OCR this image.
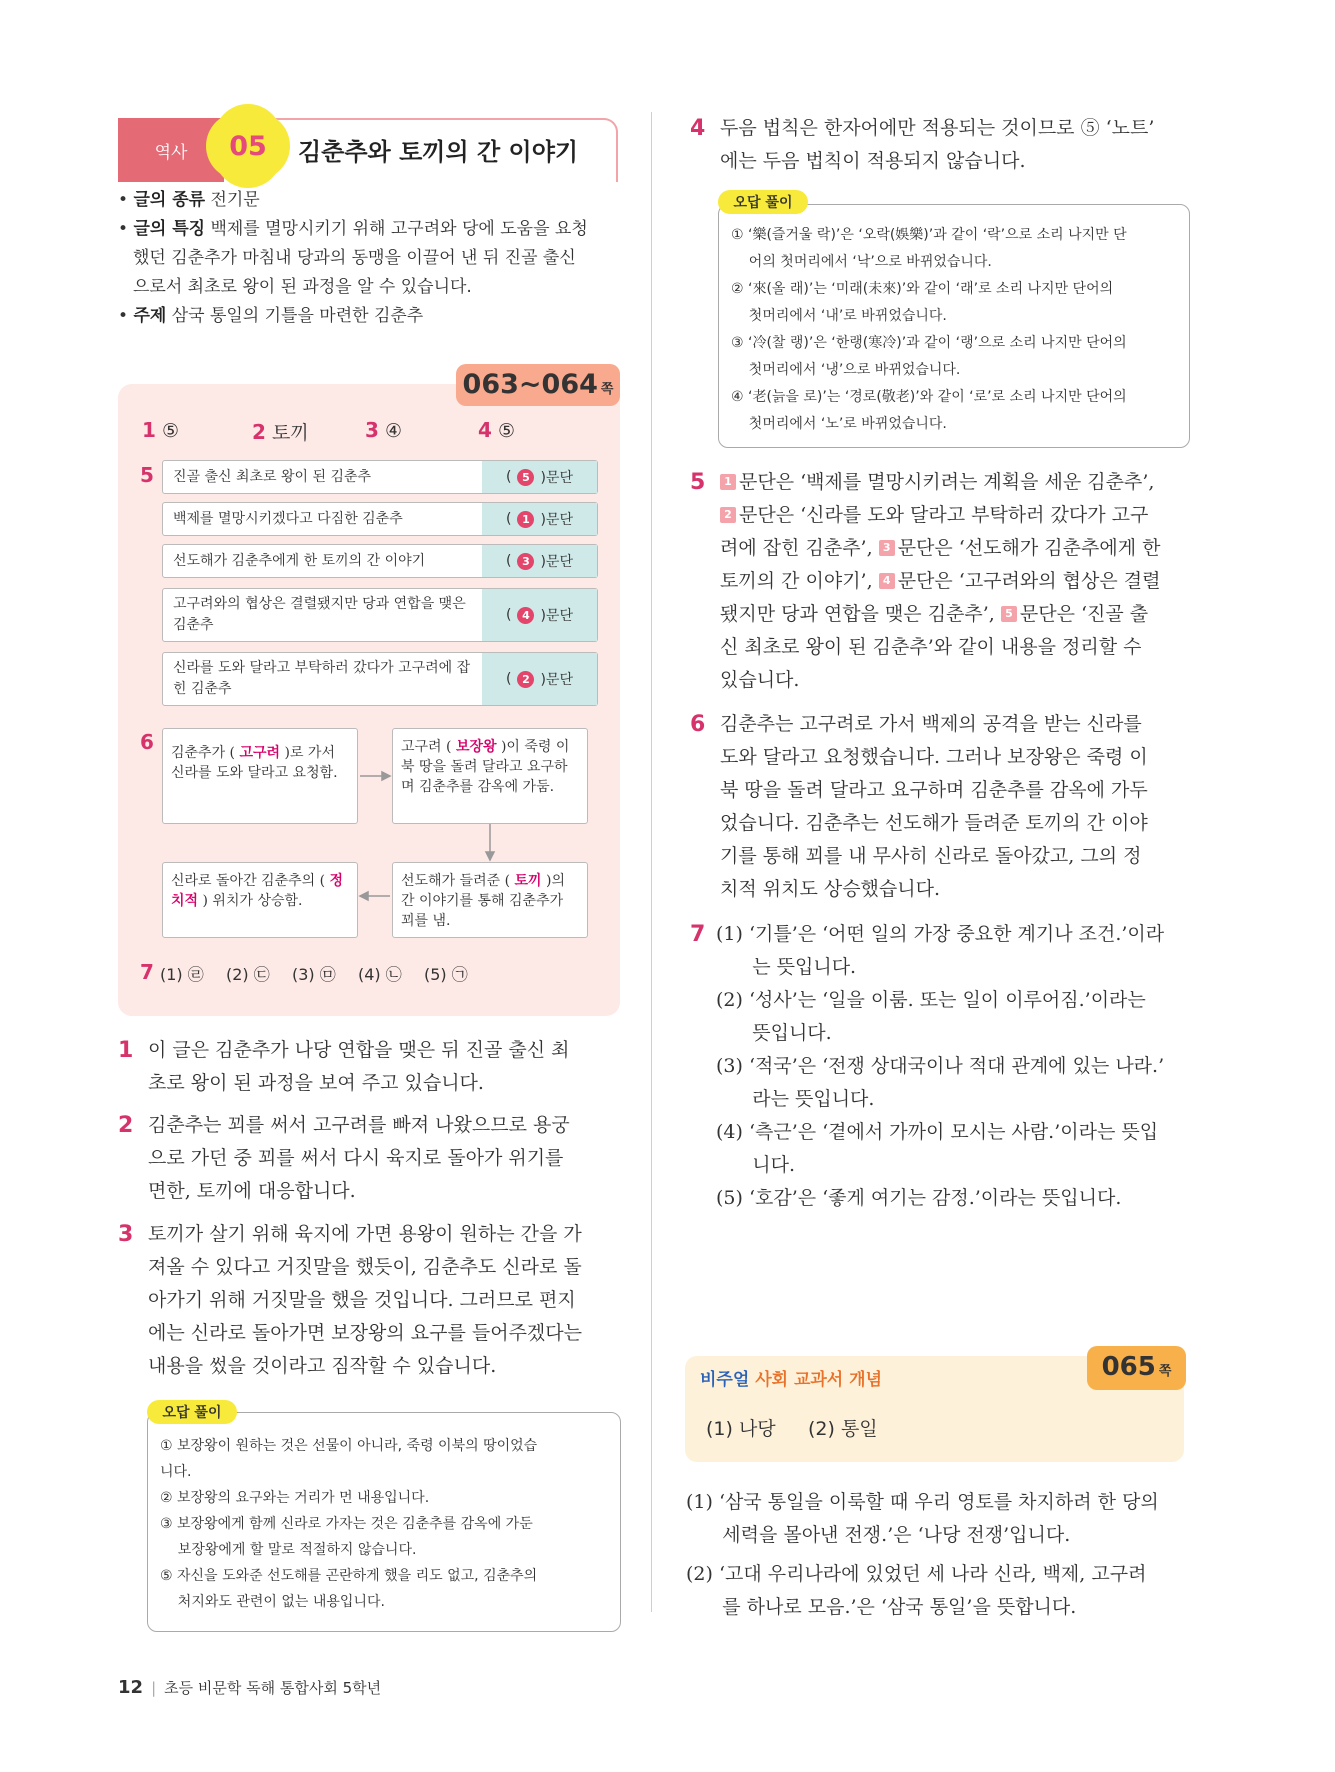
역사 05 김춘추와 토끼의 간 이야기
• 글의 종류 전기문
• 글의 특징 백제를 멸망시키기 위해 고구려와 당에 도움을 요청
했던 김춘추가 마침내 당과의 동맹을 이끌어 낸 뒤 진골 출신
으로서 최초로 왕이 된 과정을 알 수 있습니다.
• 주제 삼국 통일의 기틀을 마련한 김춘추
063~064 쪽
1 ⑤	2 토끼	3 ④	4 ⑤
5	진골 출신 최초로 왕이 된 김춘추	( 5 )문단
백제를 멸망시키겠다고 다짐한 김춘추	( 1 )문단
선도해가 김춘추에게 한 토끼의 간 이야기	( 3 )문단
고구려와의 협상은 결렬됐지만 당과 연합을 맺은 김춘추
( 4 )문단
신라를 도와 달라고 부탁하러 갔다가 고구려에 잡힌 김춘추
( 2 )문단
6	김춘추가 ( 고구려 )로 가서 신라를 도와 달라고 요청함.
고구려 ( 보장왕 )이 죽령 이북 땅을 돌려 달라고 요구하며 김춘추를 감옥에 가둠.
선도해가 들려준 ( 토끼 )의 간 이야기를 통해 김춘추가 꾀를 냄.
신라로 돌아간 김춘추의 ( 정치적 ) 위치가 상승함.
7 (1) ㉣ (2) ㉢ (3) ㉤ (4) ㉡ (5) ㉠
1 이 글은 김춘추가 나당 연합을 맺은 뒤 진골 출신 최
초로 왕이 된 과정을 보여 주고 있습니다.
2 김춘추는 꾀를 써서 고구려를 빠져 나왔으므로 용궁
으로 가던 중 꾀를 써서 다시 육지로 돌아가 위기를
면한, 토끼에 대응합니다.
3 토끼가 살기 위해 육지에 가면 용왕이 원하는 간을 가
져올 수 있다고 거짓말을 했듯이, 김춘추도 신라로 돌
아가기 위해 거짓말을 했을 것입니다. 그러므로 편지
에는 신라로 돌아가면 보장왕의 요구를 들어주겠다는
내용을 썼을 것이라고 짐작할 수 있습니다.
오답 풀이
① 보장왕이 원하는 것은 선물이 아니라, 죽령 이북의 땅이었습
니다.
② 보장왕의 요구와는 거리가 먼 내용입니다.
③ 보장왕에게 함께 신라로 가자는 것은 김춘추를 감옥에 가둔
보장왕에게 할 말로 적절하지 않습니다.
⑤ 자신을 도와준 선도해를 곤란하게 했을 리도 없고, 김춘추의
처지와도 관련이 없는 내용입니다.
4 두음 법칙은 한자어에만 적용되는 것이므로 ⑤ ‘노트’
에는 두음 법칙이 적용되지 않습니다.
오답 풀이
① ‘樂(즐거울 락)’은 ‘오락(娛樂)’과 같이 ‘락’으로 소리 나지만 단
어의 첫머리에서 ‘낙’으로 바뀌었습니다.
② ‘來(올 래)’는 ‘미래(未來)’와 같이 ‘래’로 소리 나지만 단어의
첫머리에서 ‘내’로 바뀌었습니다.
③ ‘冷(찰 랭)’은 ‘한랭(寒冷)’과 같이 ‘랭’으로 소리 나지만 단어의
첫머리에서 ‘냉’으로 바뀌었습니다.
④ ‘老(늙을 로)’는 ‘경로(敬老)’와 같이 ‘로’로 소리 나지만 단어의
첫머리에서 ‘노’로 바뀌었습니다.
5	1 문단은 ‘백제를 멸망시키려는 계획을 세운 김춘추’,
2 문단은 ‘신라를 도와 달라고 부탁하러 갔다가 고구
려에 잡힌 김춘추’, 3 문단은 ‘선도해가 김춘추에게 한
토끼의 간 이야기’, 4 문단은 ‘고구려와의 협상은 결렬
됐지만 당과 연합을 맺은 김춘추’, 5 문단은 ‘진골 출
신 최초로 왕이 된 김춘추’와 같이 내용을 정리할 수
있습니다.
6 김춘추는 고구려로 가서 백제의 공격을 받는 신라를
도와 달라고 요청했습니다. 그러나 보장왕은 죽령 이
북 땅을 돌려 달라고 요구하며 김춘추를 감옥에 가두
었습니다. 김춘추는 선도해가 들려준 토끼의 간 이야
기를 통해 꾀를 내 무사히 신라로 돌아갔고, 그의 정
치적 위치도 상승했습니다.
7 (1) ‘기틀’은 ‘어떤 일의 가장 중요한 계기나 조건.’이라
는 뜻입니다.
(2) ‘성사’는 ‘일을 이룸. 또는 일이 이루어짐.’이라는
뜻입니다.
(3) ‘적국’은 ‘전쟁 상대국이나 적대 관계에 있는 나라.’
라는 뜻입니다.
(4) ‘측근’은 ‘곁에서 가까이 모시는 사람.’이라는 뜻입
니다.
(5) ‘호감’은 ‘좋게 여기는 감정.’이라는 뜻입니다.
비주얼 사회 교과서 개념	065 쪽
(1) 나당 (2) 통일
(1) ‘삼국 통일을 이룩할 때 우리 영토를 차지하려 한 당의
세력을 몰아낸 전쟁.’은 ‘나당 전쟁’입니다.
(2) ‘고대 우리나라에 있었던 세 나라 신라, 백제, 고구려
를 하나로 모음.’은 ‘삼국 통일’을 뜻합니다.
12 | 초등 비문학 독해 통합사회 5학년
